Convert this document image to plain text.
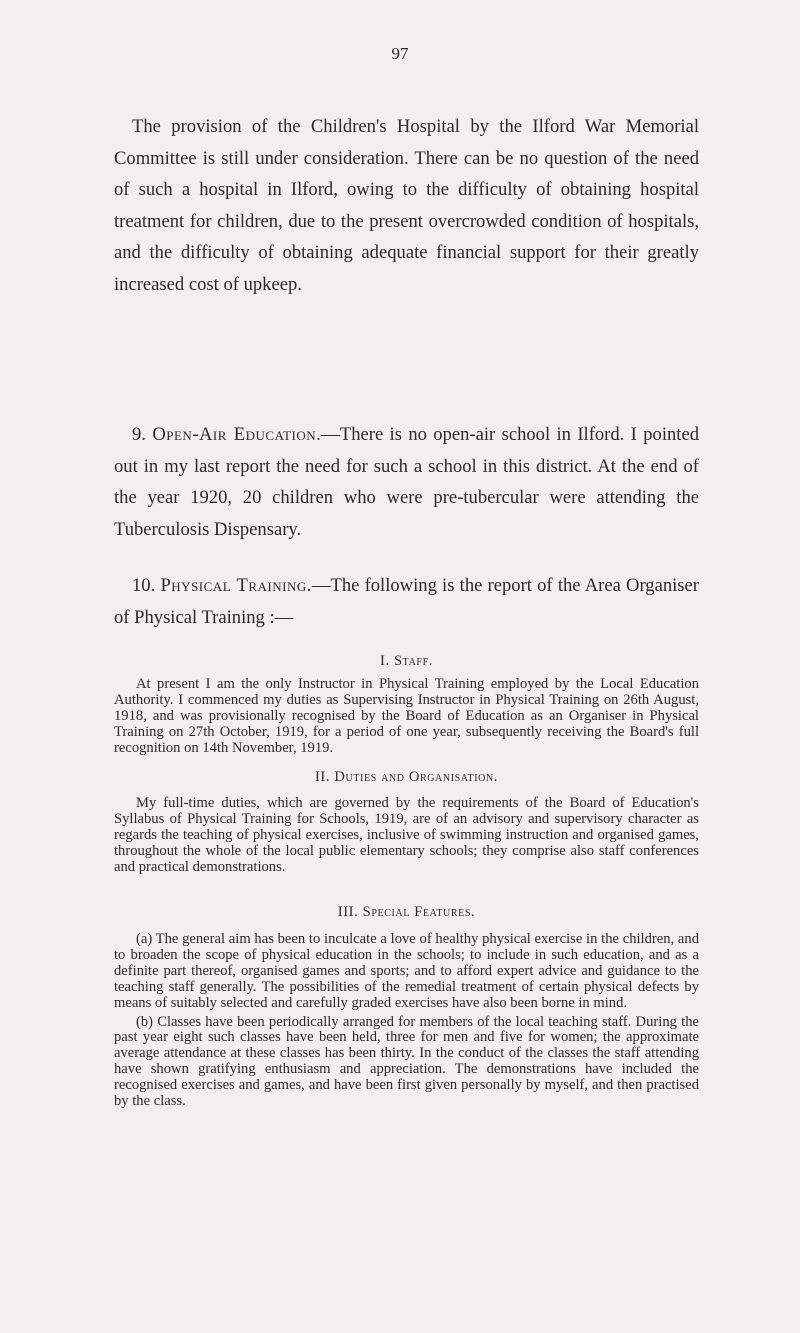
97

The provision of the Children's Hospital by the Ilford War Memorial Committee is still under consideration. There can be no question of the need of such a hospital in Ilford, owing to the difficulty of obtaining hospital treatment for children, due to the present overcrowded condition of hospitals, and the difficulty of obtaining adequate financial support for their greatly increased cost of upkeep.

9. Open-Air Education.—There is no open-air school in Ilford. I pointed out in my last report the need for such a school in this district. At the end of the year 1920, 20 children who were pre-tubercular were attending the Tuberculosis Dispensary.

10. Physical Training.—The following is the report of the Area Organiser of Physical Training :—

I. Staff.

At present I am the only Instructor in Physical Training employed by the Local Education Authority. I commenced my duties as Supervising Instructor in Physical Training on 26th August, 1918, and was provisionally recognised by the Board of Education as an Organiser in Physical Training on 27th October, 1919, for a period of one year, subsequently receiving the Board's full recognition on 14th November, 1919.

II. Duties and Organisation.

My full-time duties, which are governed by the requirements of the Board of Education's Syllabus of Physical Training for Schools, 1919, are of an advisory and supervisory character as regards the teaching of physical exercises, inclusive of swimming instruction and organised games, throughout the whole of the local public elementary schools; they comprise also staff conferences and practical demonstrations.

III. Special Features.

(a) The general aim has been to inculcate a love of healthy physical exercise in the children, and to broaden the scope of physical education in the schools; to include in such education, and as a definite part thereof, organised games and sports; and to afford expert advice and guidance to the teaching staff generally. The possibilities of the remedial treatment of certain physical defects by means of suitably selected and carefully graded exercises have also been borne in mind.

(b) Classes have been periodically arranged for members of the local teaching staff. During the past year eight such classes have been held, three for men and five for women; the approximate average attendance at these classes has been thirty. In the conduct of the classes the staff attending have shown gratifying enthusiasm and appreciation. The demonstrations have included the recognised exercises and games, and have been first given personally by myself, and then practised by the class.
